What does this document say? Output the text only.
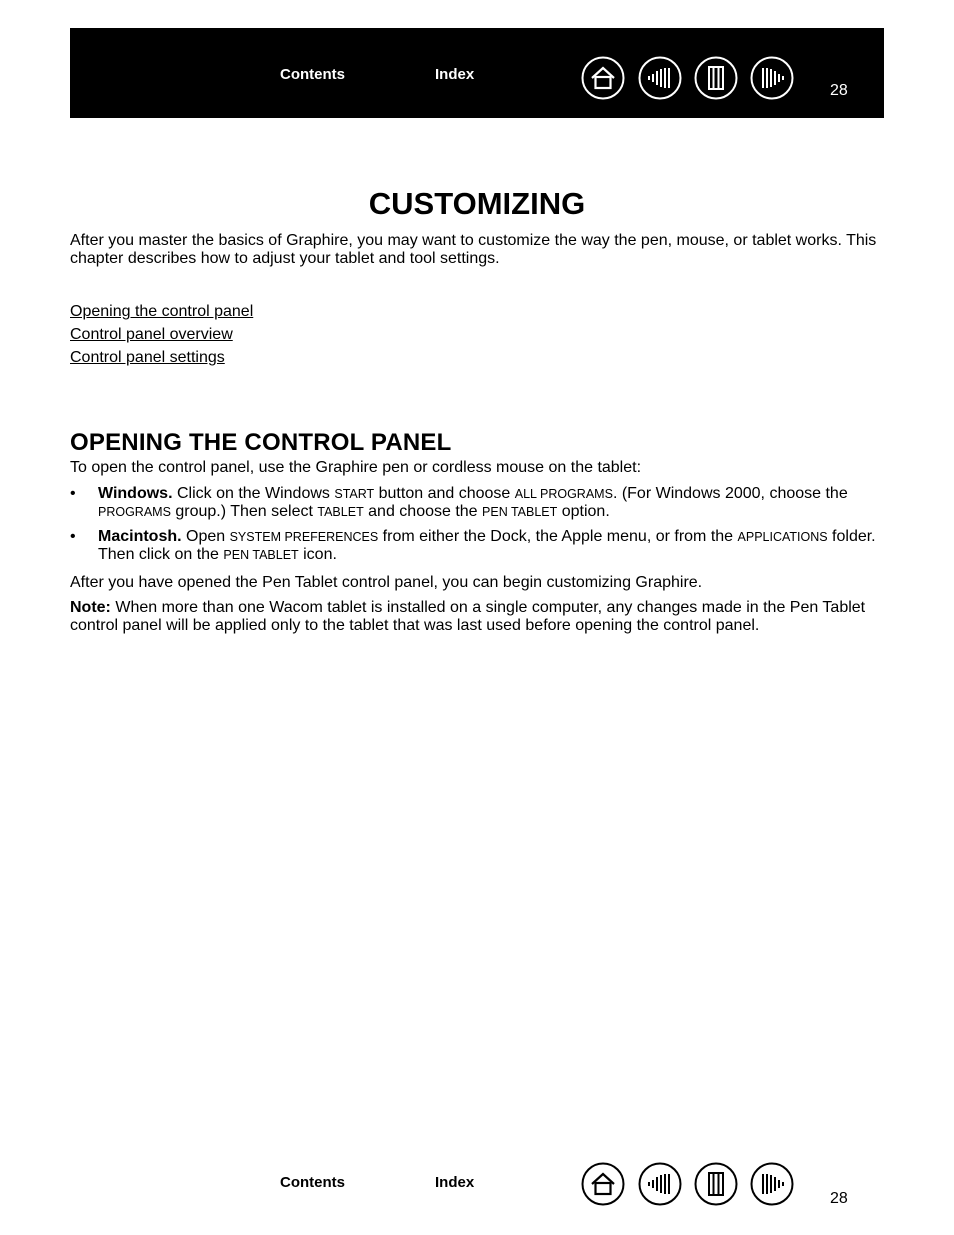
Contents	Index
28
CUSTOMIZING

After you master the basics of Graphire, you may want to customize the way the pen, mouse, or tablet works. This chapter describes how to adjust your tablet and tool settings.

Opening the control panel
Control panel overview
Control panel settings
OPENING THE CONTROL PANEL

To open the control panel, use the Graphire pen or cordless mouse on the tablet:

• Windows. Click on the Windows START button and choose ALL PROGRAMS. (For Windows 2000, choose the PROGRAMS group.) Then select TABLET and choose the PEN TABLET option.
• Macintosh. Open SYSTEM PREFERENCES from either the Dock, the Apple menu, or from the APPLICATIONS folder. Then click on the PEN TABLET icon.

After you have opened the Pen Tablet control panel, you can begin customizing Graphire.

Note: When more than one Wacom tablet is installed on a single computer, any changes made in the Pen Tablet control panel will be applied only to the tablet that was last used before opening the control panel.

Contents	Index
28
